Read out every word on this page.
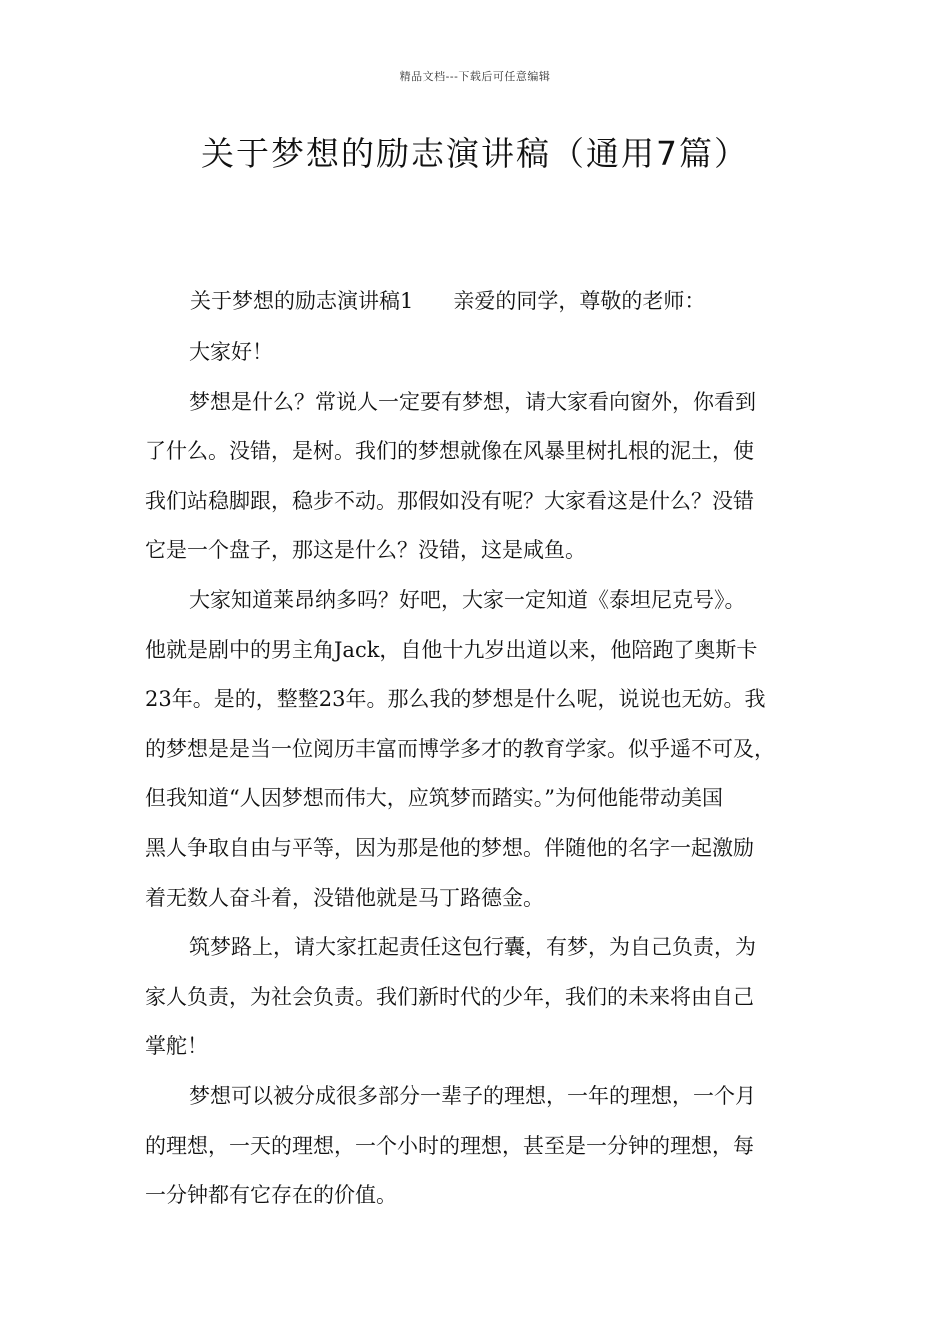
精品文档---下载后可任意编辑
关于梦想的励志演讲稿（通用7篇）
关于梦想的励志演讲稿1 亲爱的同学，尊敬的老师：
大家好！
梦想是什么？常说人一定要有梦想，请大家看向窗外，你看到
了什么。没错，是树。我们的梦想就像在风暴里树扎根的泥土，使
我们站稳脚跟，稳步不动。那假如没有呢？大家看这是什么？没错
它是一个盘子，那这是什么？没错，这是咸鱼。
大家知道莱昂纳多吗？好吧，大家一定知道《泰坦尼克号》。
他就是剧中的男主角Jack，自他十九岁出道以来，他陪跑了奥斯卡
23年。是的，整整23年。那么我的梦想是什么呢，说说也无妨。我
的梦想是是当一位阅历丰富而博学多才的教育学家。似乎遥不可及，
但我知道“人因梦想而伟大，应筑梦而踏实。”为何他能带动美国
黑人争取自由与平等，因为那是他的梦想。伴随他的名字一起激励
着无数人奋斗着，没错他就是马丁路德金。
筑梦路上，请大家扛起责任这包行囊，有梦，为自己负责，为
家人负责，为社会负责。我们新时代的少年，我们的未来将由自己
掌舵！
梦想可以被分成很多部分一辈子的理想，一年的理想，一个月
的理想，一天的理想，一个小时的理想，甚至是一分钟的理想，每
一分钟都有它存在的价值。
